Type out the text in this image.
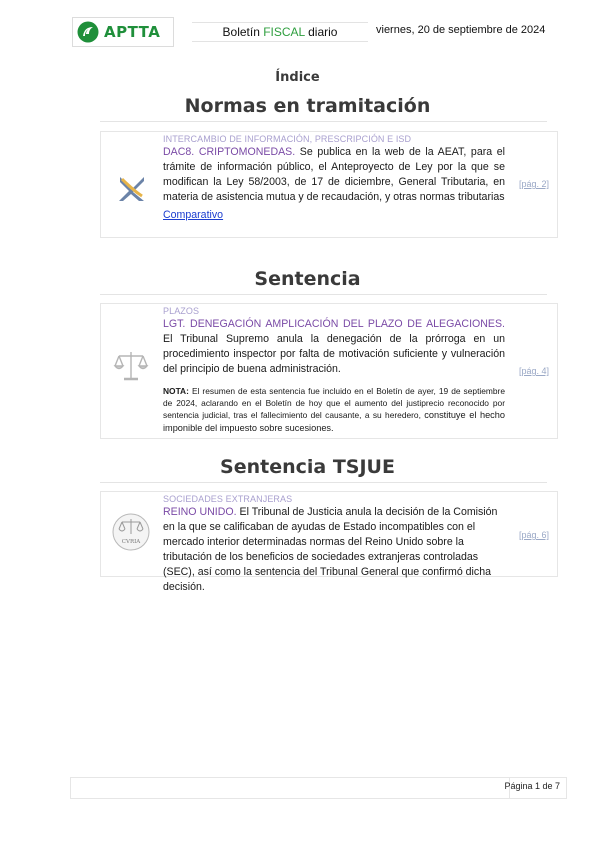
APTTA	Boletín FISCAL diario	viernes, 20 de septiembre de 2024
Índice
Normas en tramitación
INTERCAMBIO DE INFORMACIÓN, PRESCRIPCIÓN E ISD
DAC8. CRIPTOMONEDAS. Se publica en la web de la AEAT, para el trámite de información público, el Anteproyecto de Ley por la que se modifican la Ley 58/2003, de 17 de diciembre, General Tributaria, en materia de asistencia mutua y de recaudación, y otras normas tributarias
Comparativo
[pág. 2]
Sentencia
PLAZOS
LGT. DENEGACIÓN AMPLICACIÓN DEL PLAZO DE ALEGACIONES. El Tribunal Supremo anula la denegación de la prórroga en un procedimiento inspector por falta de motivación suficiente y vulneración del principio de buena administración.
NOTA: El resumen de esta sentencia fue incluido en el Boletín de ayer, 19 de septiembre de 2024, aclarando en el Boletín de hoy que el aumento del justiprecio reconocido por sentencia judicial, tras el fallecimiento del causante, a su heredero, constituye el hecho imponible del impuesto sobre sucesiones.
[pág. 4]
Sentencia TSJUE
CVRIA
SOCIEDADES EXTRANJERAS
REINO UNIDO. El Tribunal de Justicia anula la decisión de la Comisión en la que se calificaban de ayudas de Estado incompatibles con el mercado interior determinadas normas del Reino Unido sobre la tributación de los beneficios de sociedades extranjeras controladas (SEC), así como la sentencia del Tribunal General que confirmó dicha decisión.
[pág. 6]
Página 1 de 7
